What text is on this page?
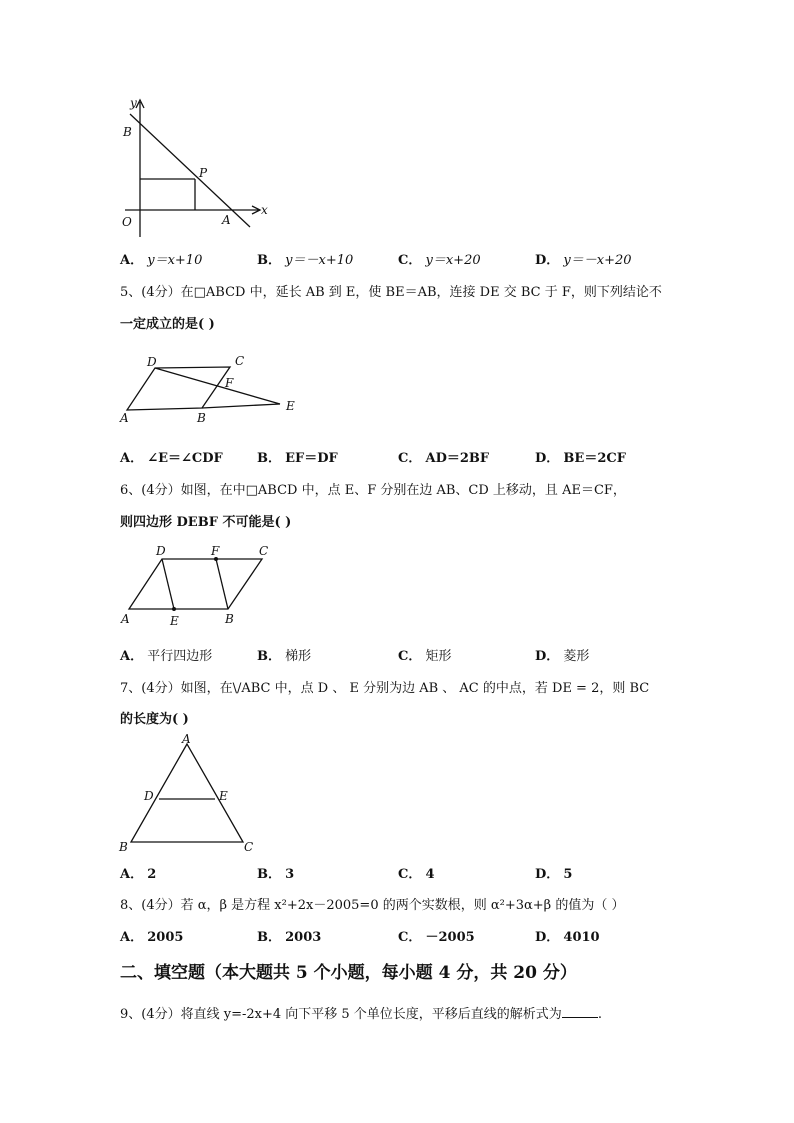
y
x
B
P
O	A
A． y＝x+10	B． y＝－x+10	C． y＝x+20	D． y＝－x+20
5、(4分）在□ABCD 中，延长 AB 到 E，使 BE＝AB，连接 DE 交 BC 于 F，则下列结论不
一定成立的是( )
D	C
F
A	B
E
A． ∠E＝∠CDF	B． EF＝DF	C． AD＝2BF	D． BE＝2CF
6、(4分）如图，在中□ABCD 中，点 E、F 分别在边 AB、CD 上移动，且 AE＝CF，
则四边形 DEBF 不可能是( )
D	F	C
A	E	B
A． 平行四边形	B． 梯形	C． 矩形	D． 菱形
7、(4分）如图，在\/ABC 中，点 D 、 E 分别为边 AB 、 AC 的中点，若 DE = 2，则 BC
的长度为( )
A
D	E
B	C
A． 2	B． 3	C． 4	D． 5
8、(4分）若 α，β 是方程 x²+2x－2005=0 的两个实数根，则 α²+3α+β 的值为（ ）
A． 2005	B． 2003	C． －2005	D． 4010
二、填空题（本大题共 5 个小题，每小题 4 分，共 20 分）
9、(4分）将直线 y=-2x+4 向下平移 5 个单位长度，平移后直线的解析式为	.
